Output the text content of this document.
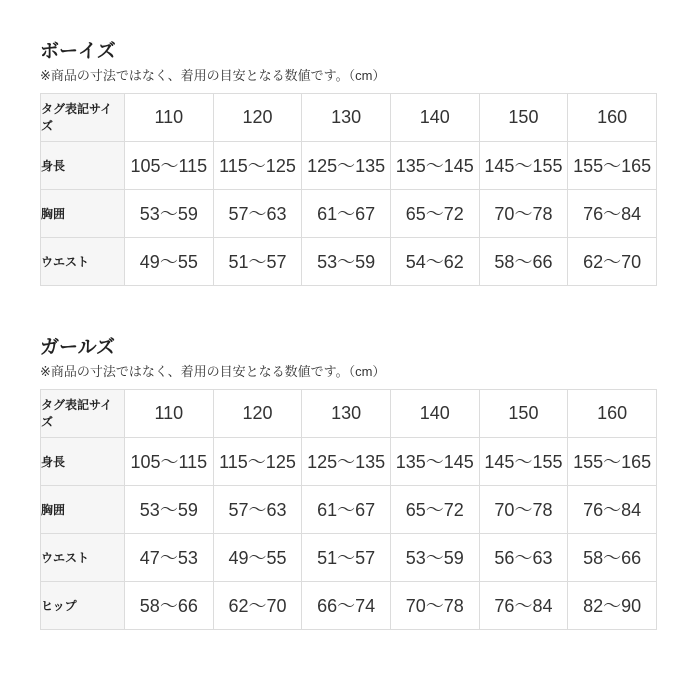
ボーイズ

※商品の寸法ではなく、着用の目安となる数値です。（cm）

タグ表記サイズ	110	120	130	140	150	160
身長	105〜115	115〜125	125〜135	135〜145	145〜155	155〜165
胸囲	53〜59	57〜63	61〜67	65〜72	70〜78	76〜84
ウエスト	49〜55	51〜57	53〜59	54〜62	58〜66	62〜70
ガールズ

※商品の寸法ではなく、着用の目安となる数値です。（cm）

タグ表記サイズ	110	120	130	140	150	160
身長	105〜115	115〜125	125〜135	135〜145	145〜155	155〜165
胸囲	53〜59	57〜63	61〜67	65〜72	70〜78	76〜84
ウエスト	47〜53	49〜55	51〜57	53〜59	56〜63	58〜66
ヒップ	58〜66	62〜70	66〜74	70〜78	76〜84	82〜90
